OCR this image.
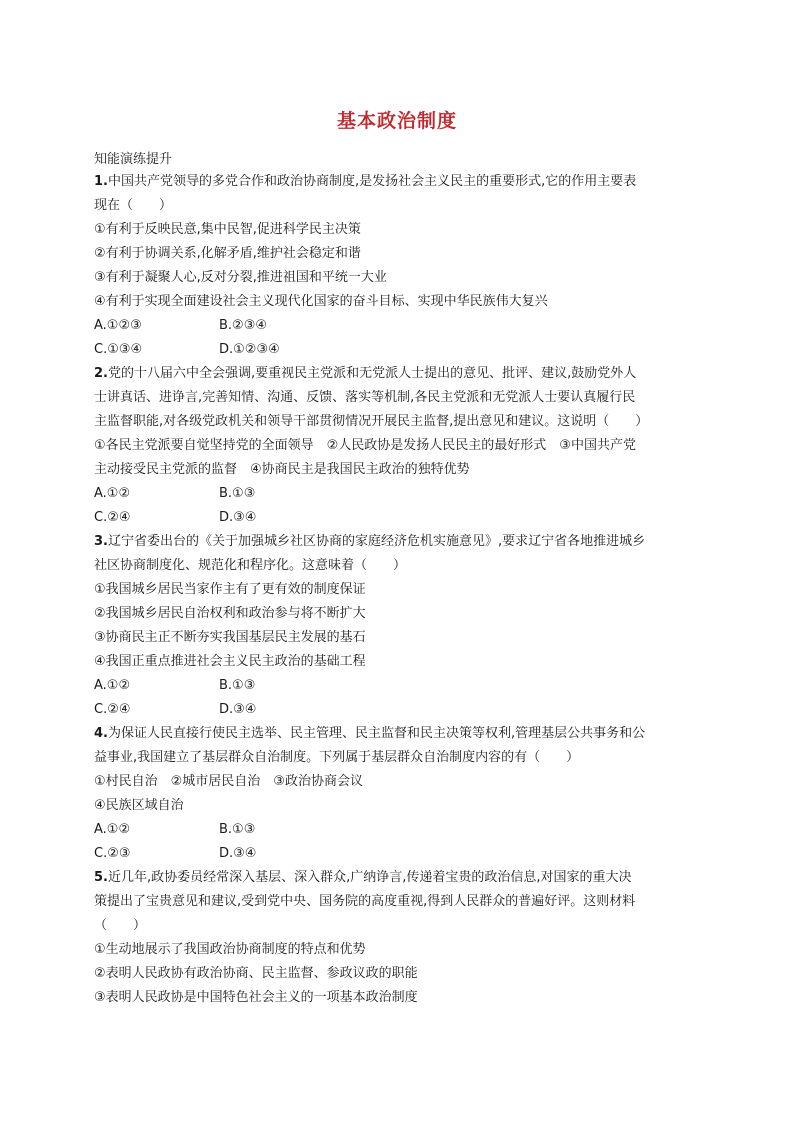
基本政治制度
知能演练提升
1.中国共产党领导的多党合作和政治协商制度,是发扬社会主义民主的重要形式,它的作用主要表
现在（　　）
①有利于反映民意,集中民智,促进科学民主决策
②有利于协调关系,化解矛盾,维护社会稳定和谐
③有利于凝聚人心,反对分裂,推进祖国和平统一大业
④有利于实现全面建设社会主义现代化国家的奋斗目标、实现中华民族伟大复兴
A.①②③	B.②③④
C.①③④	D.①②③④
2.党的十八届六中全会强调,要重视民主党派和无党派人士提出的意见、批评、建议,鼓励党外人
士讲真话、进诤言,完善知情、沟通、反馈、落实等机制,各民主党派和无党派人士要认真履行民
主监督职能,对各级党政机关和领导干部贯彻情况开展民主监督,提出意见和建议。这说明（　　）
①各民主党派要自觉坚持党的全面领导　②人民政协是发扬人民民主的最好形式　③中国共产党
主动接受民主党派的监督　④协商民主是我国民主政治的独特优势
A.①②	B.①③
C.②④	D.③④
3.辽宁省委出台的《关于加强城乡社区协商的家庭经济危机实施意见》,要求辽宁省各地推进城乡
社区协商制度化、规范化和程序化。这意味着（　　）
①我国城乡居民当家作主有了更有效的制度保证
②我国城乡居民自治权利和政治参与将不断扩大
③协商民主正不断夯实我国基层民主发展的基石
④我国正重点推进社会主义民主政治的基础工程
A.①②	B.①③
C.②④	D.③④
4.为保证人民直接行使民主选举、民主管理、民主监督和民主决策等权利,管理基层公共事务和公
益事业,我国建立了基层群众自治制度。下列属于基层群众自治制度内容的有（　　）
①村民自治　②城市居民自治　③政治协商会议
④民族区域自治
A.①②	B.①③
C.②③	D.③④
5.近几年,政协委员经常深入基层、深入群众,广纳诤言,传递着宝贵的政治信息,对国家的重大决
策提出了宝贵意见和建议,受到党中央、国务院的高度重视,得到人民群众的普遍好评。这则材料
（　　）
①生动地展示了我国政治协商制度的特点和优势
②表明人民政协有政治协商、民主监督、参政议政的职能
③表明人民政协是中国特色社会主义的一项基本政治制度
